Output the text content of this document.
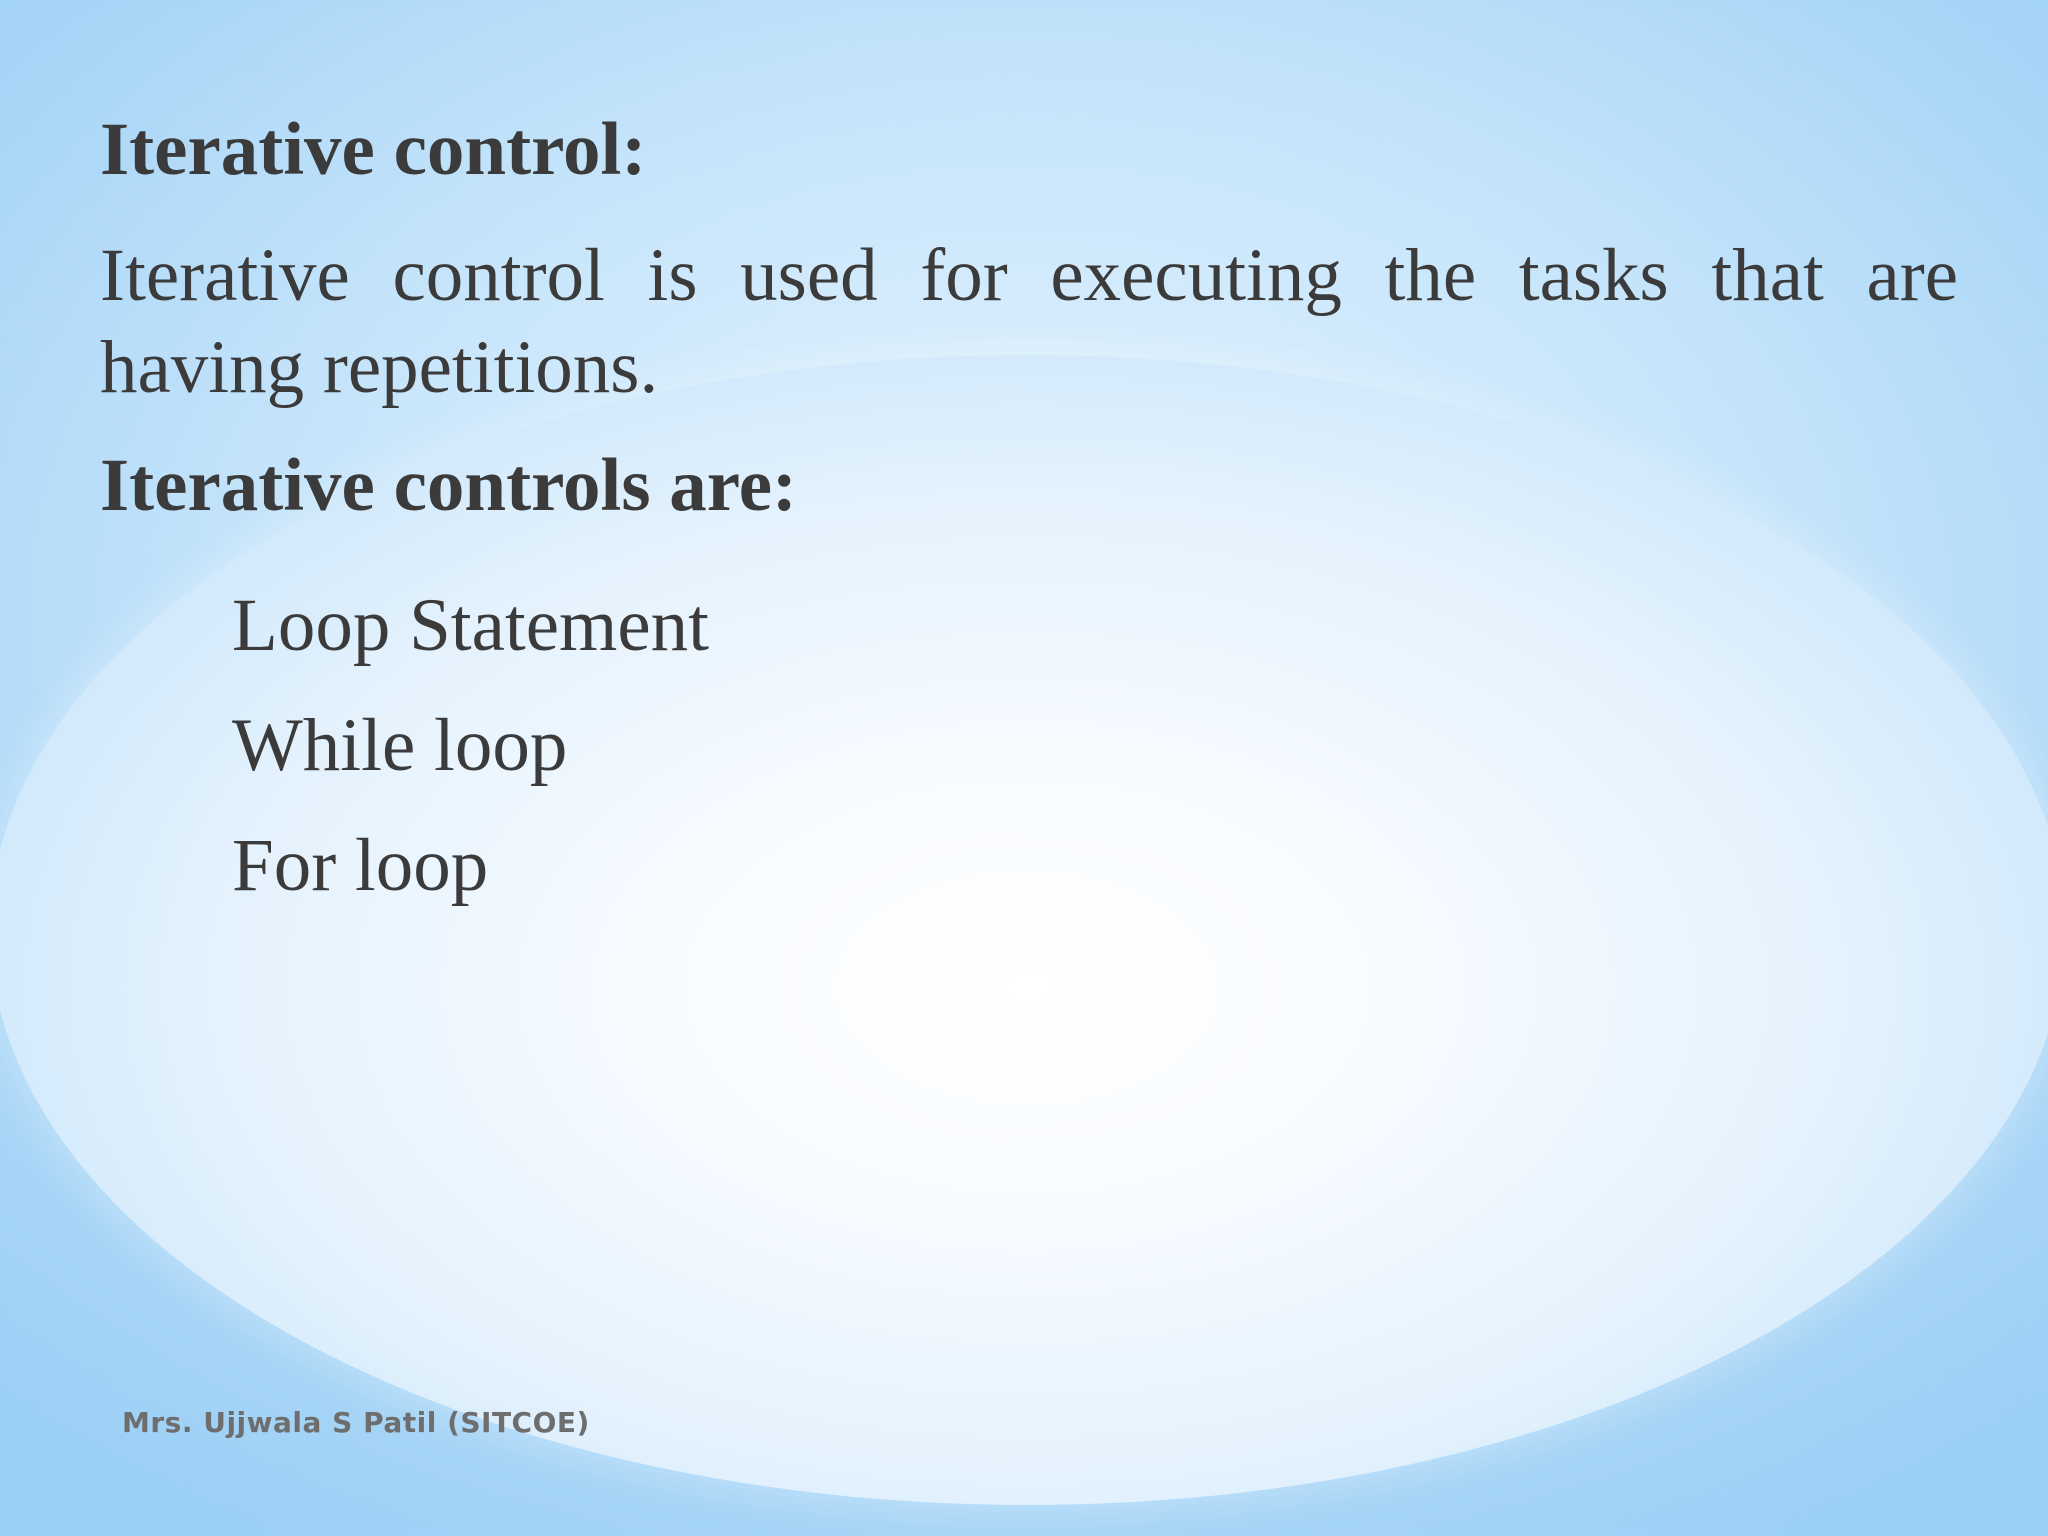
Iterative control:

Iterative control is used for executing the tasks that are having repetitions.

Iterative controls are:
Loop Statement
While loop
For loop
Mrs. Ujjwala S Patil (SITCOE)
